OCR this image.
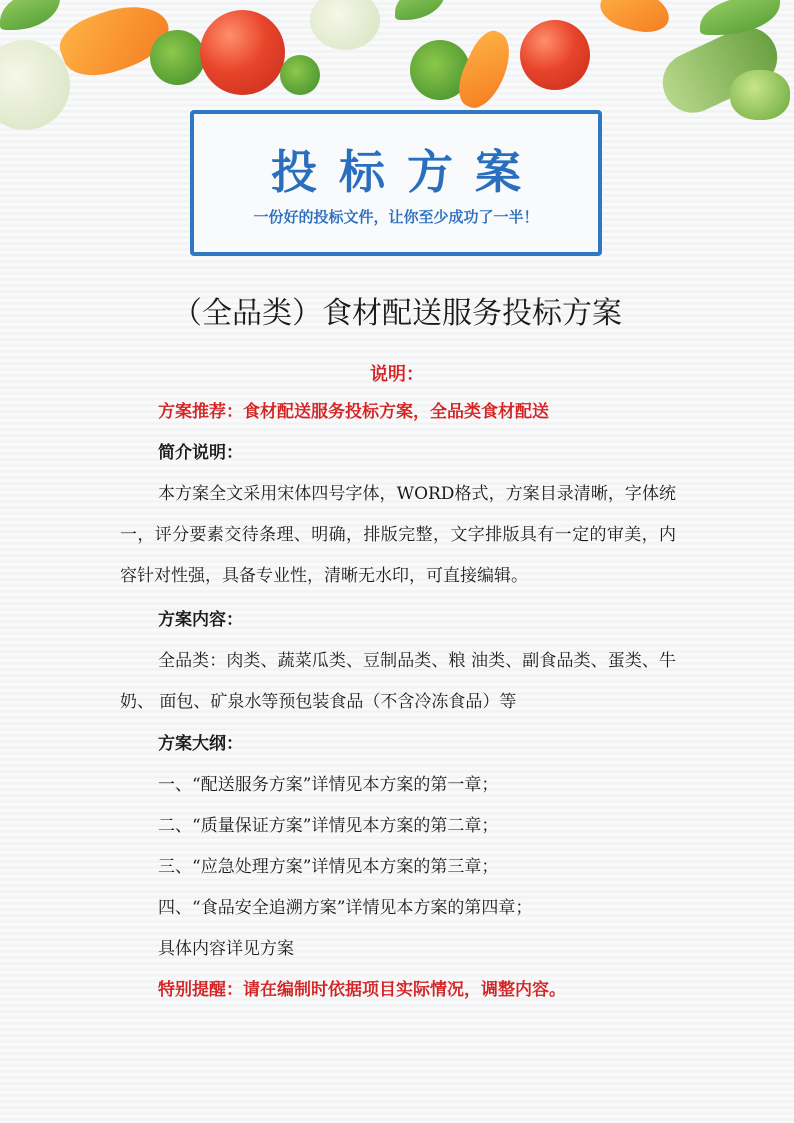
投标方案
一份好的投标文件，让你至少成功了一半！
（全品类）食材配送服务投标方案
说明：
方案推荐：食材配送服务投标方案，全品类食材配送
简介说明：
本方案全文采用宋体四号字体，WORD格式，方案目录清晰，字体统一，评分要素交待条理、明确，排版完整，文字排版具有一定的审美，内容针对性强，具备专业性，清晰无水印，可直接编辑。
方案内容：
全品类：肉类、蔬菜瓜类、豆制品类、粮 油类、副食品类、蛋类、牛奶、 面包、矿泉水等预包装食品（不含冷冻食品）等
方案大纲：
一、“配送服务方案”详情见本方案的第一章；
二、“质量保证方案”详情见本方案的第二章；
三、“应急处理方案”详情见本方案的第三章；
四、“食品安全追溯方案”详情见本方案的第四章；
具体内容详见方案
特别提醒：请在编制时依据项目实际情况，调整内容。
